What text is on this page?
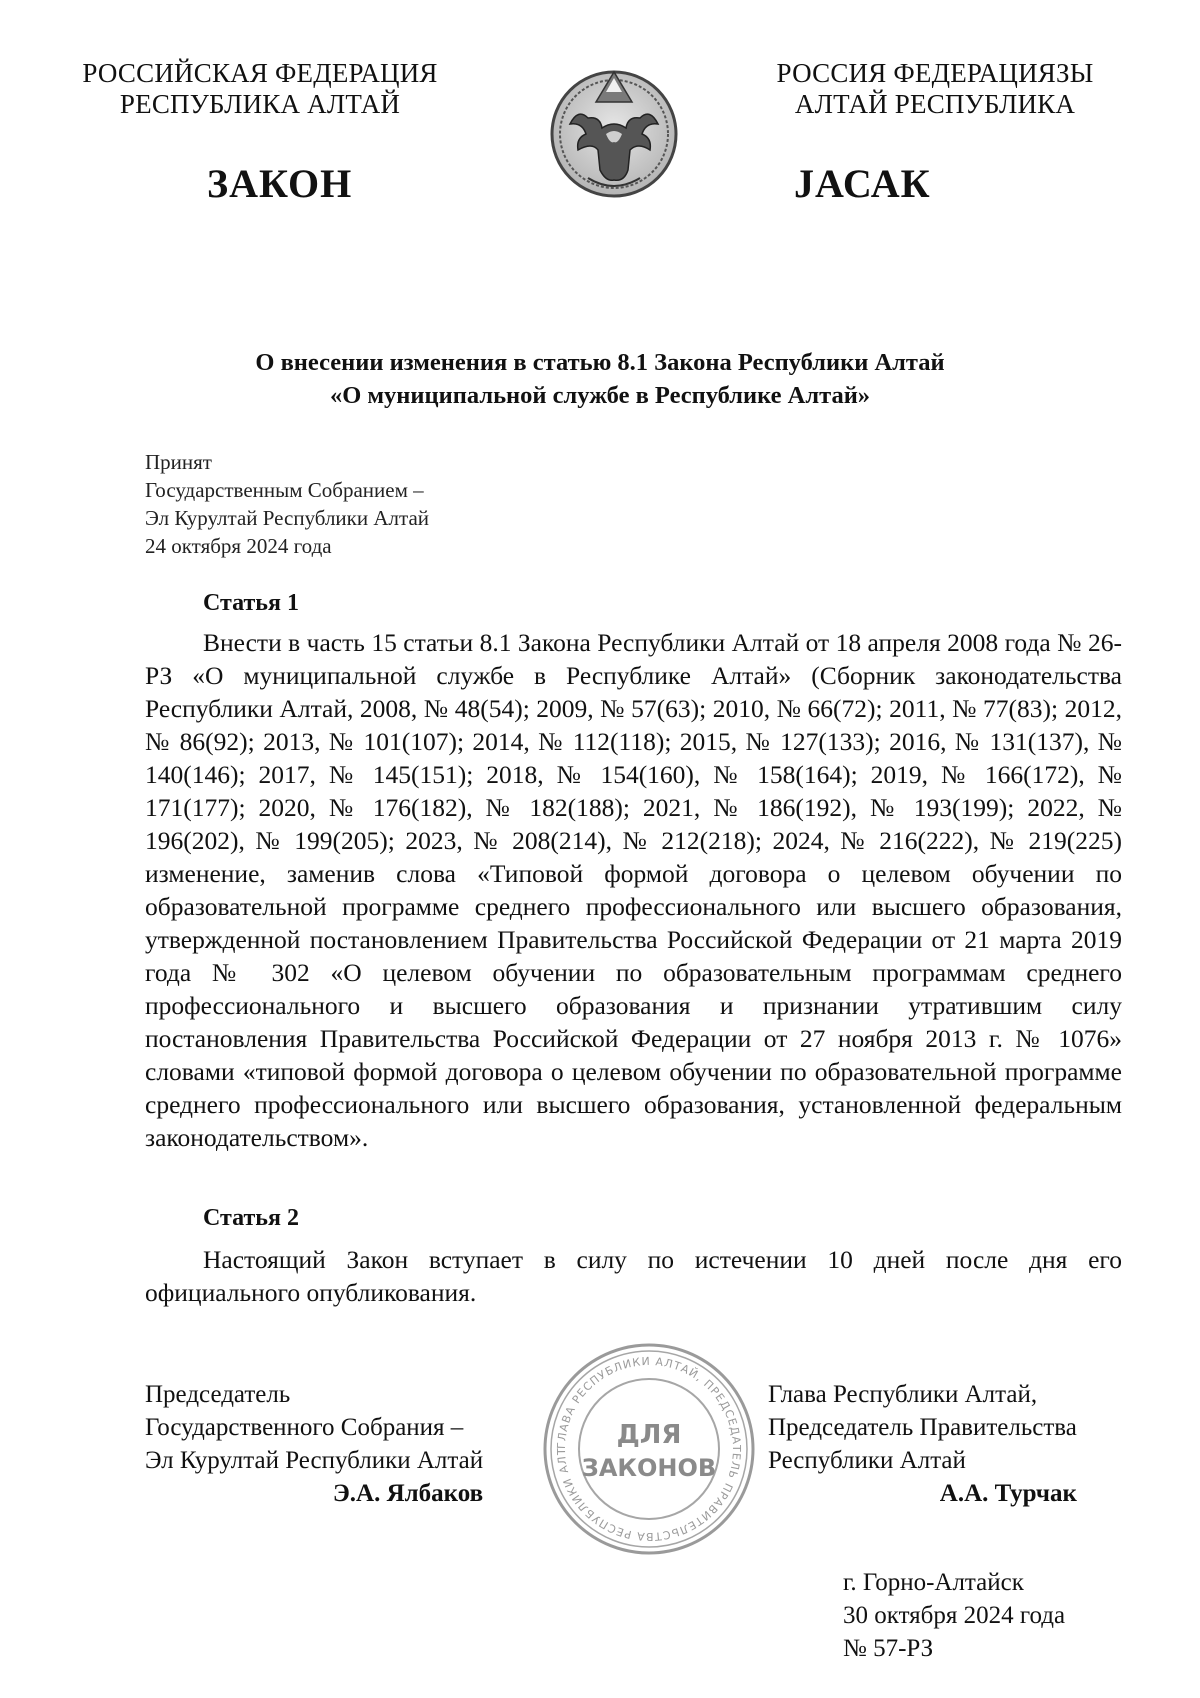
РОССИЙСКАЯ ФЕДЕРАЦИЯ
РЕСПУБЛИКА АЛТАЙ
РОССИЯ ФЕДЕРАЦИЯЗЫ
АЛТАЙ РЕСПУБЛИКА
ЗАКОН	ЈАСАК
О внесении изменения в статью 8.1 Закона Республики Алтай
«О муниципальной службе в Республике Алтай»
Принят
Государственным Собранием –
Эл Курултай Республики Алтай
24 октября 2024 года
Статья 1

Внести в часть 15 статьи 8.1 Закона Республики Алтай от 18 апреля 2008 года № 26-РЗ «О муниципальной службе в Республике Алтай» (Сборник законодательства Республики Алтай, 2008, № 48(54); 2009, № 57(63); 2010, № 66(72); 2011, № 77(83); 2012, № 86(92); 2013, № 101(107); 2014, № 112(118); 2015, № 127(133); 2016, № 131(137), № 140(146); 2017, № 145(151); 2018, № 154(160), № 158(164); 2019, № 166(172), № 171(177); 2020, № 176(182), № 182(188); 2021, № 186(192), № 193(199); 2022, № 196(202), № 199(205); 2023, № 208(214), № 212(218); 2024, № 216(222), № 219(225) изменение, заменив слова «Типовой формой договора о целевом обучении по образовательной программе среднего профессионального или высшего образования, утвержденной постановлением Правительства Российской Федерации от 21 марта 2019 года № 302 «О целевом обучении по образовательным программам среднего профессионального и высшего образования и признании утратившим силу постановления Правительства Российской Федерации от 27 ноября 2013 г. № 1076» словами «типовой формой договора о целевом обучении по образовательной программе среднего профессионального или высшего образования, установленной федеральным законодательством».

Статья 2

Настоящий Закон вступает в силу по истечении 10 дней после дня его официального опубликования.

Председатель
Государственного Собрания –
Эл Курултай Республики Алтай
Э.А. Ялбаков
Глава Республики Алтай,
Председатель Правительства
Республики Алтай
А.А. Турчак
ГЛАВА РЕСПУБЛИКИ АЛТАЙ, ПРЕДСЕДАТЕЛЬ ПРАВИТЕЛЬСТВА РЕСПУБЛИКИ АЛТ
ДЛЯ
ЗАКОНОВ
г. Горно-Алтайск
30 октября 2024 года
№ 57-РЗ
